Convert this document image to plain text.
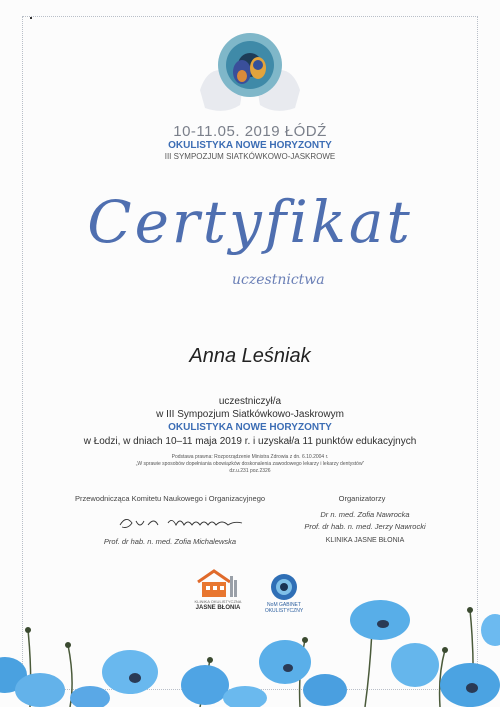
10-11.05. 2019 ŁÓDŹ
OKULISTYKA NOWE HORYZONTY
III SYMPOZJUM SIATKÓWKOWO-JASKROWE
Certyfikat
uczestnictwa
Anna Leśniak
uczestniczył/a
w III Sympozjum Siatkówkowo-Jaskrowym
OKULISTYKA NOWE HORYZONTY
w Łodzi, w dniach 10–11 maja 2019 r. i uzyskał/a 11 punktów edukacyjnych
Podstawa prawna: Rozporządzenie Ministra Zdrowia z dn. 6.10.2004 r.
„W sprawie sposobów dopełniania obowiązków doskonalenia zawodowego lekarzy i lekarzy dentystów”
dz.u.231 poz.2326
Przewodnicząca Komitetu Naukowego i Organizacyjnego
Prof. dr hab. n. med. Zofia Michalewska
Organizatorzy
Dr n. med. Zofia Nawrocka
Prof. dr hab. n. med. Jerzy Nawrocki
KLINIKA JASNE BŁONIA
KLINIKA OKULISTYCZNA
JASNE BŁONIA	NoM GABINET
OKULISTYCZNY
